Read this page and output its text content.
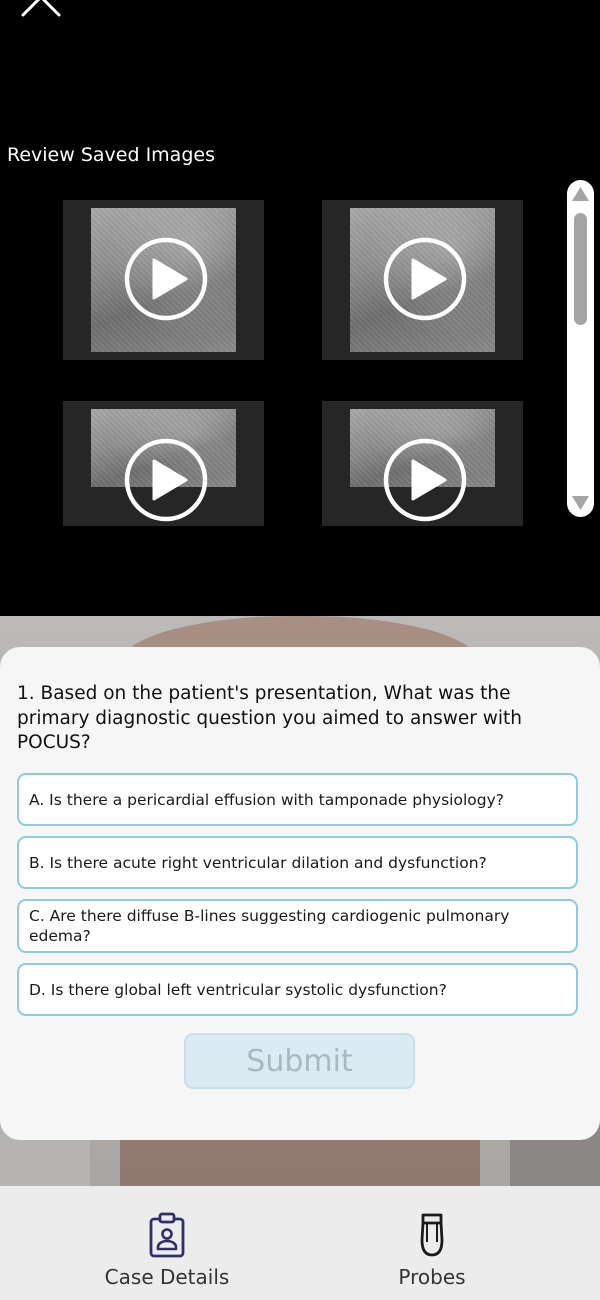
Review Saved Images
1. Based on the patient's presentation, What was the primary diagnostic question you aimed to answer with POCUS?
A. Is there a pericardial effusion with tamponade physiology?
B. Is there acute right ventricular dilation and dysfunction?
C. Are there diffuse B-lines suggesting cardiogenic pulmonary edema?
D. Is there global left ventricular systolic dysfunction?
Submit
Case Details	Probes
